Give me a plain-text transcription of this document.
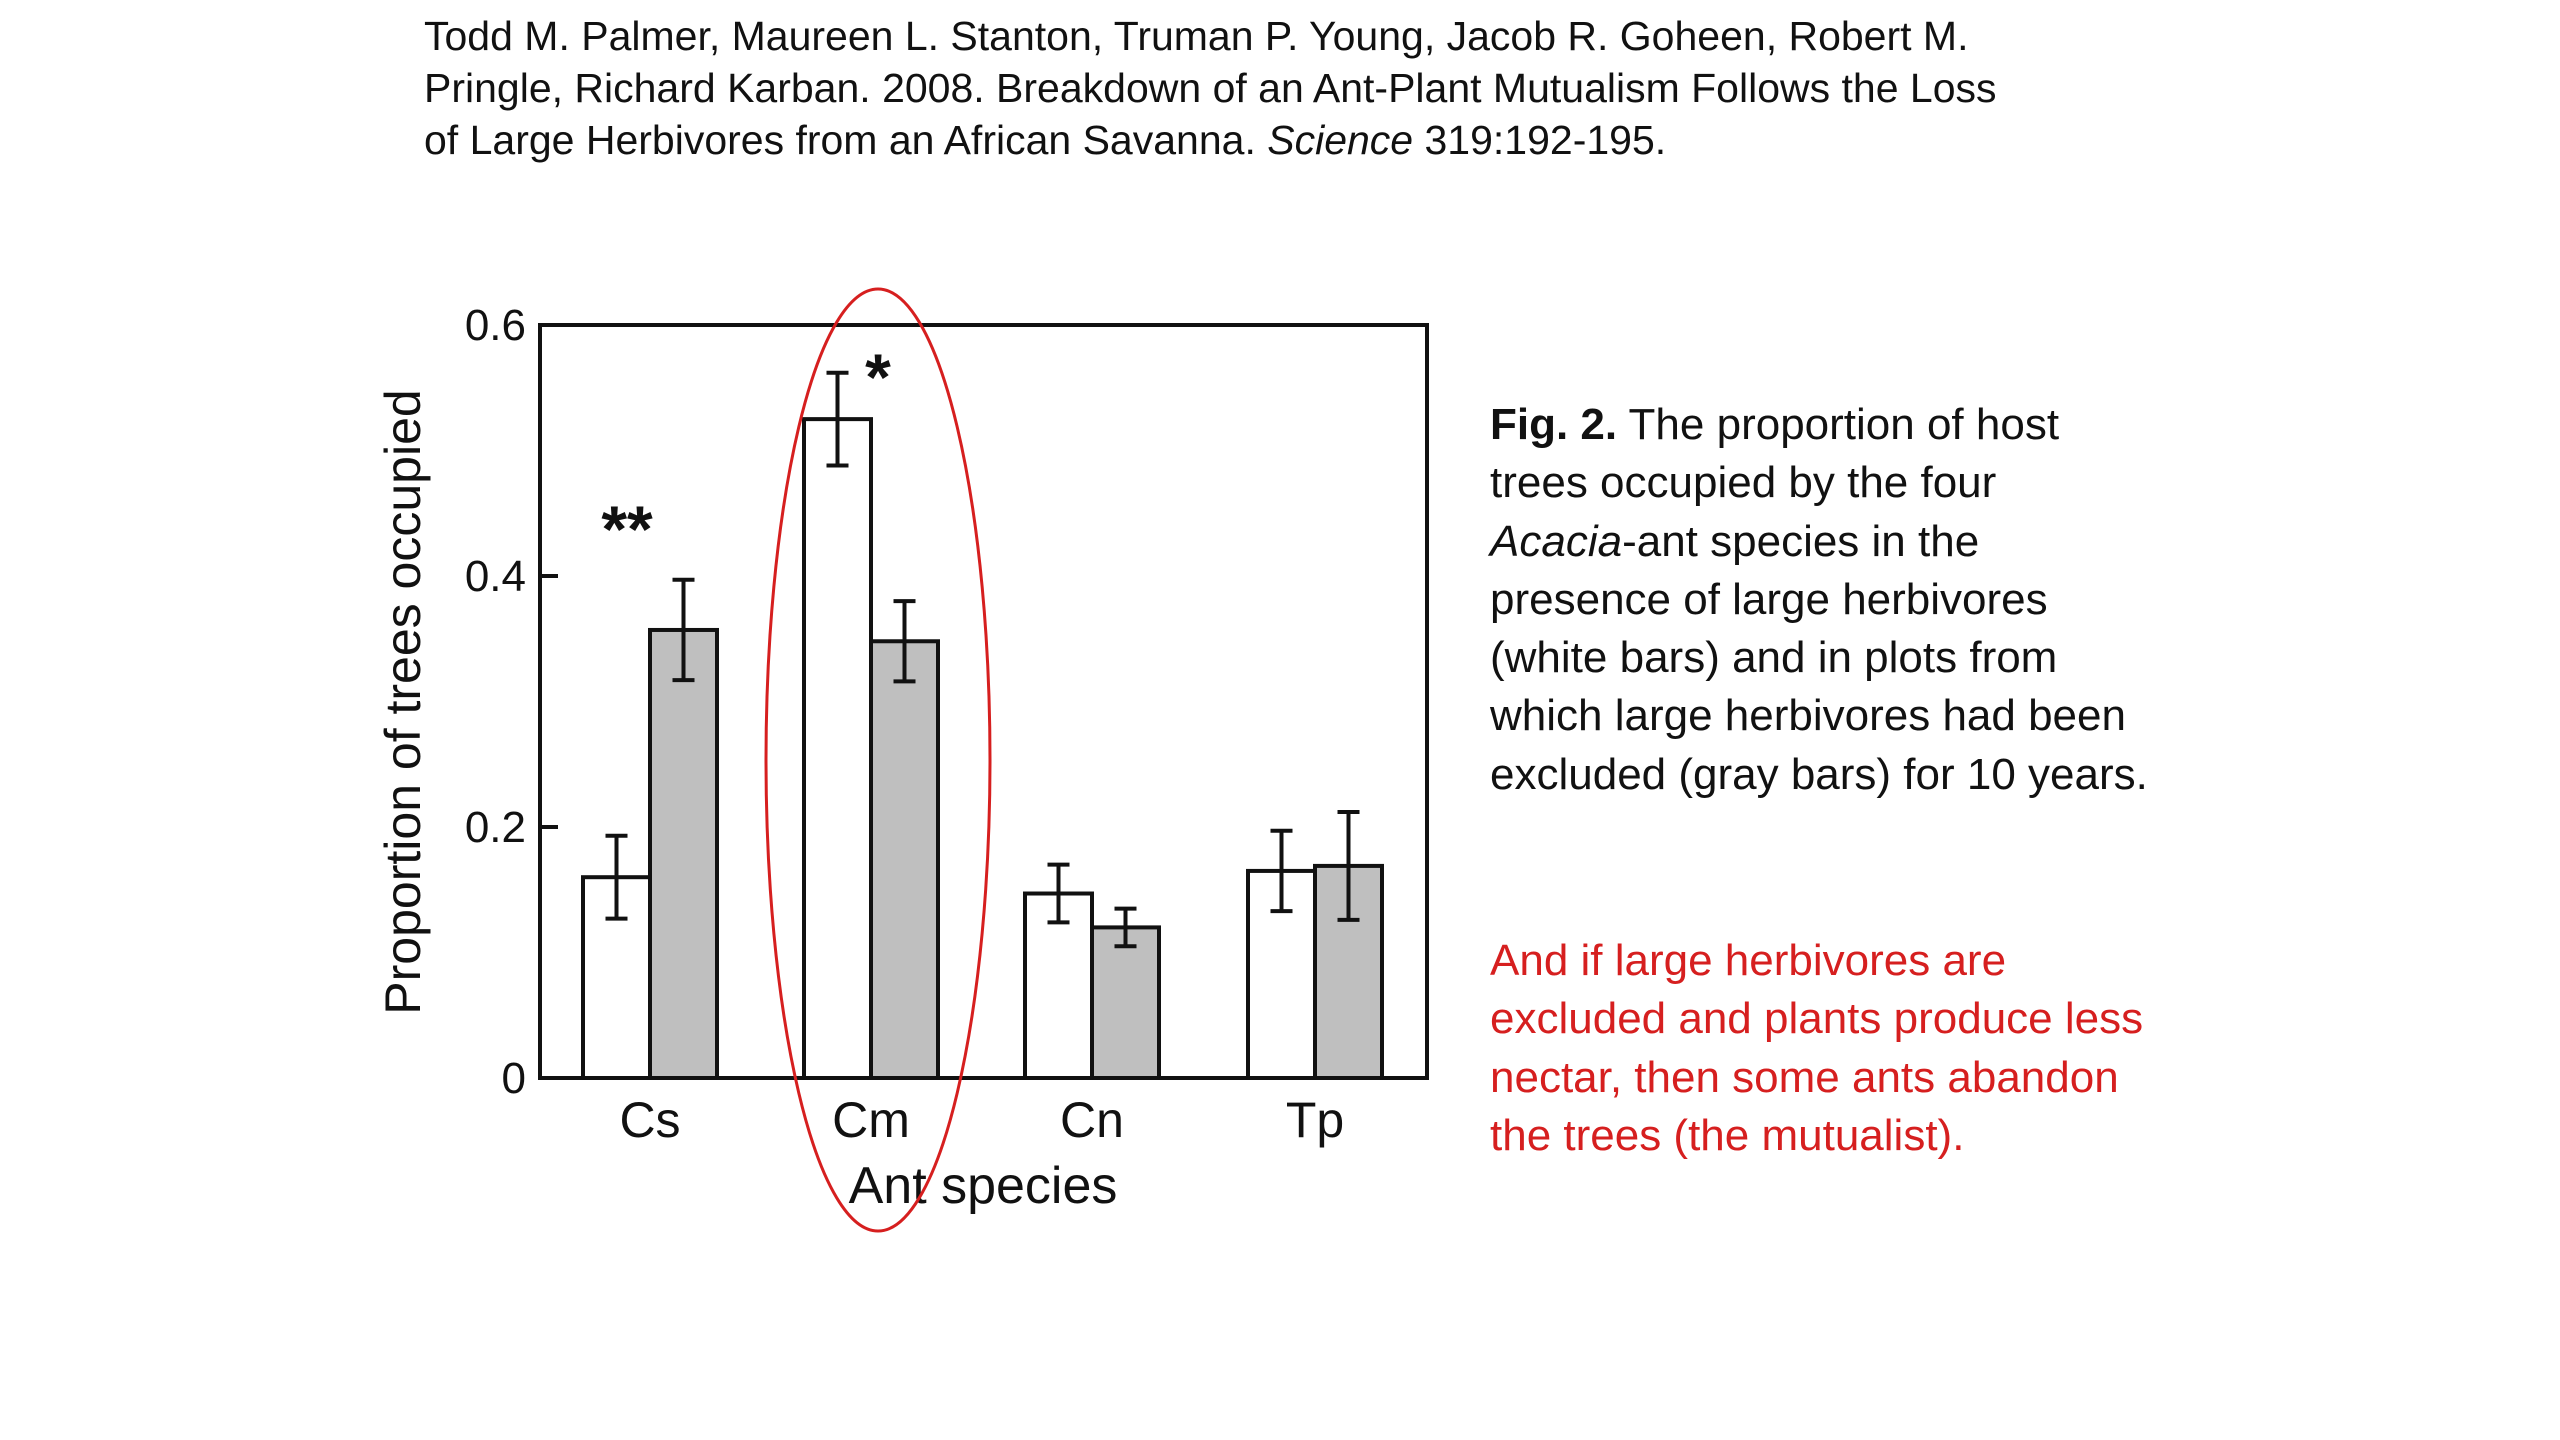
Todd M. Palmer, Maureen L. Stanton, Truman P. Young, Jacob R. Goheen, Robert M.
Pringle, Richard Karban. 2008. Breakdown of an Ant-Plant Mutualism Follows the Loss
of Large Herbivores from an African Savanna. Science 319:192-195.
0
0.2
0.4
0.6
Cs	Cm	Cn	Tp
Ant species
Proportion of trees occupied	**
*
Fig. 2. The proportion of host trees occupied by the four Acacia-ant species in the presence of large herbivores (white bars) and in plots from which large herbivores had been excluded (gray bars) for 10 years.
And if large herbivores are excluded and plants produce less nectar, then some ants abandon the trees (the mutualist).
